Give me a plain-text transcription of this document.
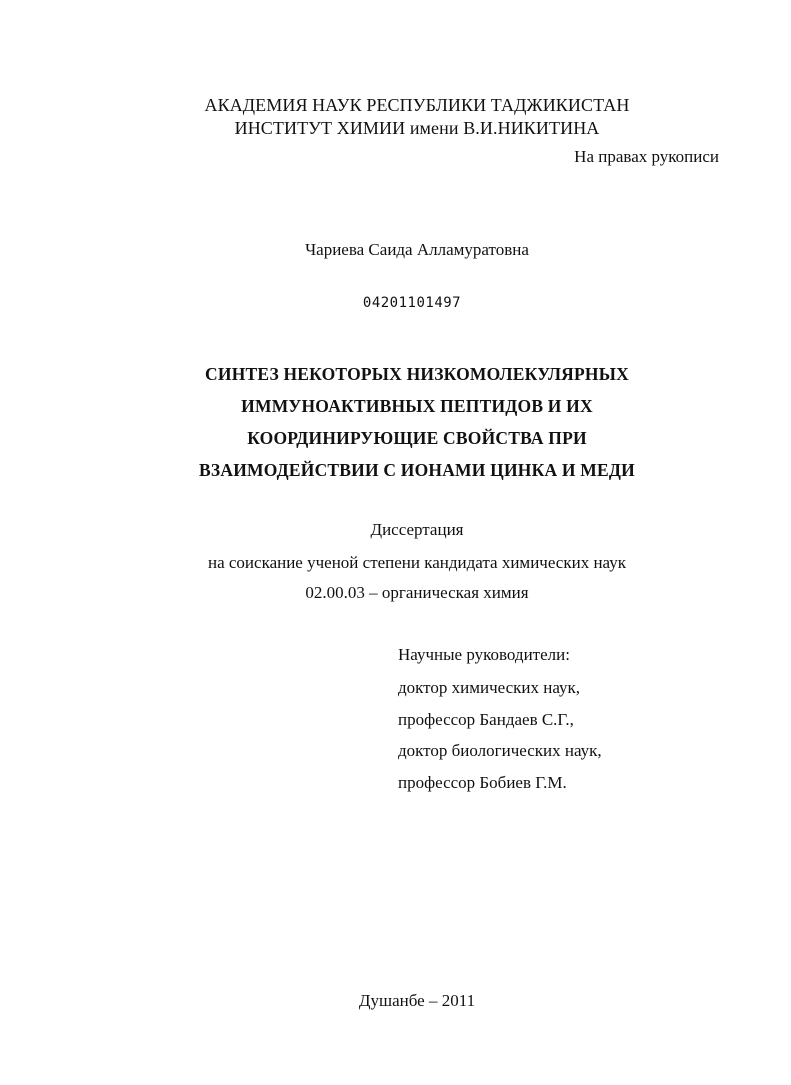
АКАДЕМИЯ НАУК РЕСПУБЛИКИ ТАДЖИКИСТАН
ИНСТИТУТ ХИМИИ имени В.И.НИКИТИНА
На правах рукописи
Чариева Саида Алламуратовна
04201101497
СИНТЕЗ НЕКОТОРЫХ НИЗКОМОЛЕКУЛЯРНЫХ
ИММУНОАКТИВНЫХ ПЕПТИДОВ И ИХ
КООРДИНИРУЮЩИЕ СВОЙСТВА ПРИ
ВЗАИМОДЕЙСТВИИ С ИОНАМИ ЦИНКА И МЕДИ
Диссертация
на соискание ученой степени кандидата химических наук
02.00.03 – органическая химия
Научные руководители:
доктор химических наук,
профессор Бандаев С.Г.,
доктор биологических наук,
профессор Бобиев Г.М.
Душанбе – 2011
